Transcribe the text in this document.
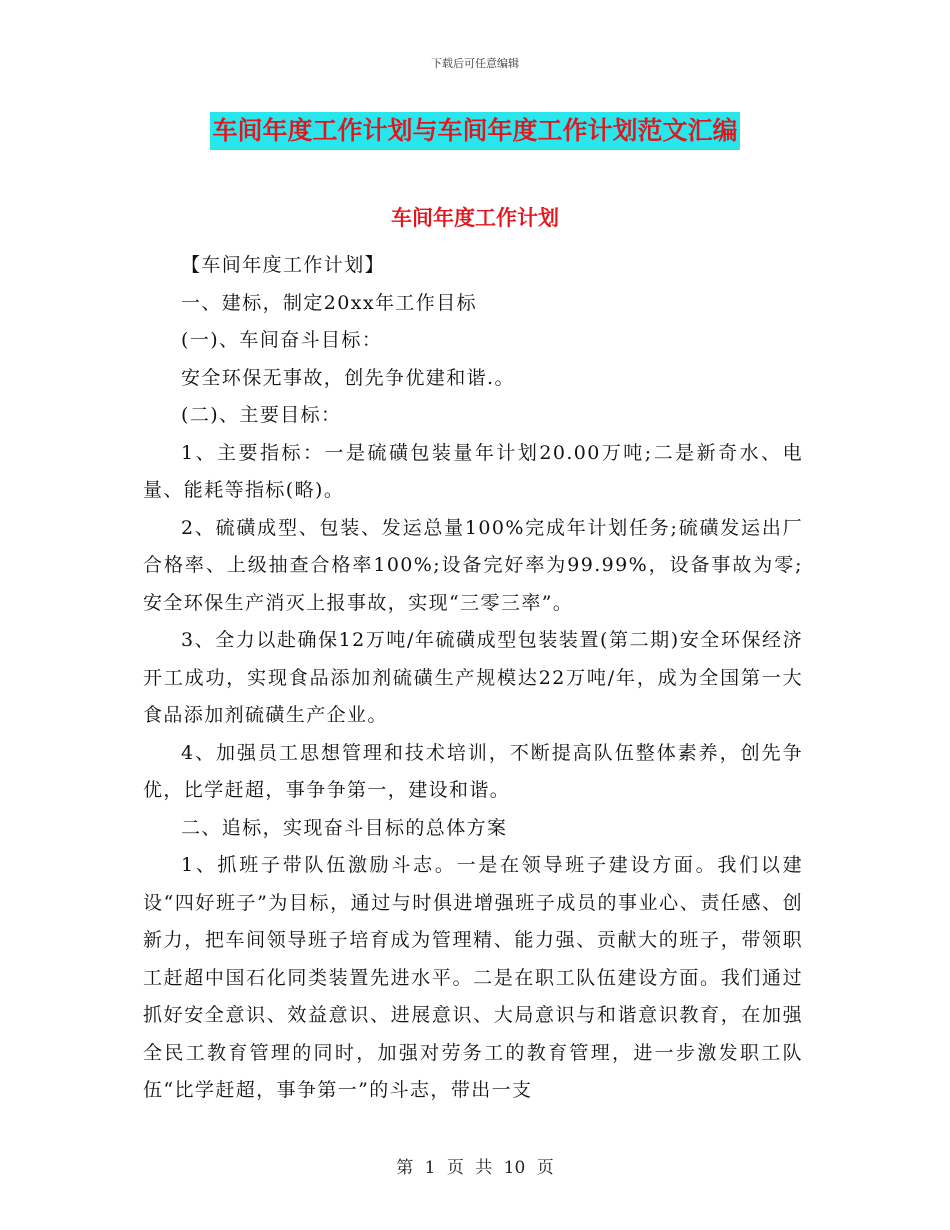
下载后可任意编辑
车间年度工作计划与车间年度工作计划范文汇编
车间年度工作计划

【车间年度工作计划】

一、建标，制定20xx年工作目标

(一)、车间奋斗目标：

安全环保无事故，创先争优建和谐.。

(二)、主要目标：

1、主要指标：一是硫磺包装量年计划20.00万吨;二是新奇水、电量、能耗等指标(略)。

2、硫磺成型、包装、发运总量100%完成年计划任务;硫磺发运出厂合格率、上级抽查合格率100%;设备完好率为99.99%，设备事故为零;安全环保生产消灭上报事故，实现“三零三率”。

3、全力以赴确保12万吨/年硫磺成型包装装置(第二期)安全环保经济开工成功，实现食品添加剂硫磺生产规模达22万吨/年，成为全国第一大食品添加剂硫磺生产企业。

4、加强员工思想管理和技术培训，不断提高队伍整体素养，创先争优，比学赶超，事争争第一，建设和谐。

二、追标，实现奋斗目标的总体方案

1、抓班子带队伍激励斗志。一是在领导班子建设方面。我们以建设“四好班子”为目标，通过与时俱进增强班子成员的事业心、责任感、创新力，把车间领导班子培育成为管理精、能力强、贡献大的班子，带领职工赶超中国石化同类装置先进水平。二是在职工队伍建设方面。我们通过抓好安全意识、效益意识、进展意识、大局意识与和谐意识教育，在加强全民工教育管理的同时，加强对劳务工的教育管理，进一步激发职工队伍“比学赶超，事争第一”的斗志，带出一支

第 1 页 共 10 页
